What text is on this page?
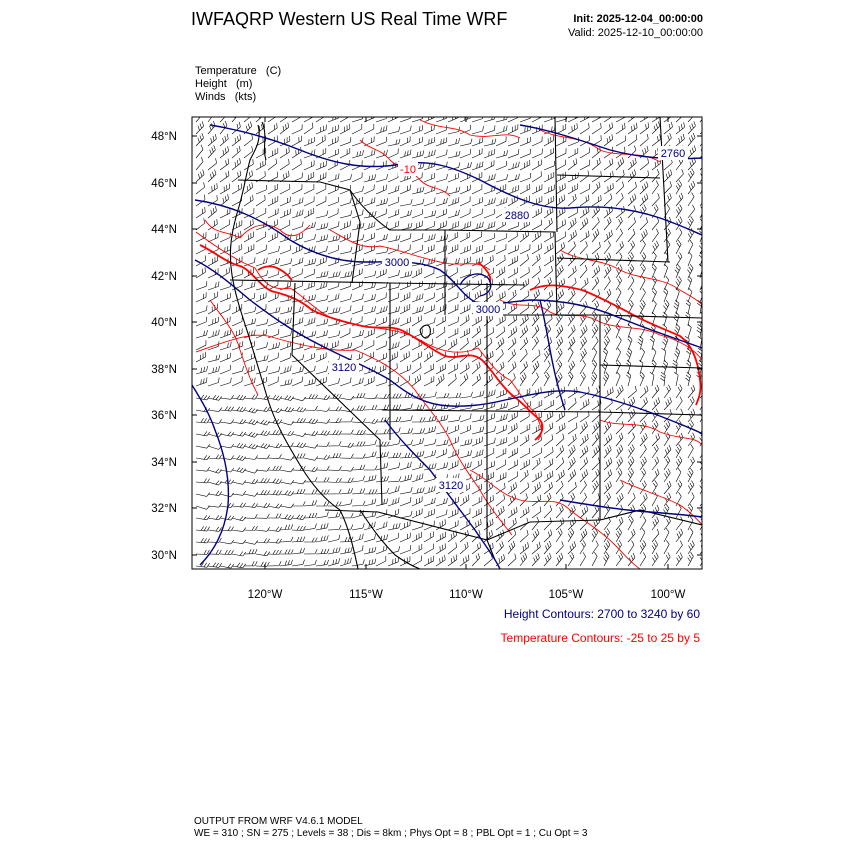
IWFAQRP Western US Real Time WRF	Init: 2025-12-04_00:00:00
Valid: 2025-12-10_00:00:00
Temperature   (C)
Height   (m)
Winds   (kts)
2760
2880
3000
3000
3120
3120
-10
48°N
46°N
44°N
42°N
40°N
38°N
36°N
34°N
32°N
30°N
120°W	115°W	110°W	105°W	100°W
Height Contours: 2700 to 3240 by 60
Temperature Contours: -25 to 25 by 5
OUTPUT FROM WRF V4.6.1 MODEL
WE = 310 ; SN = 275 ; Levels = 38 ; Dis = 8km ; Phys Opt = 8 ; PBL Opt = 1 ; Cu Opt = 3
